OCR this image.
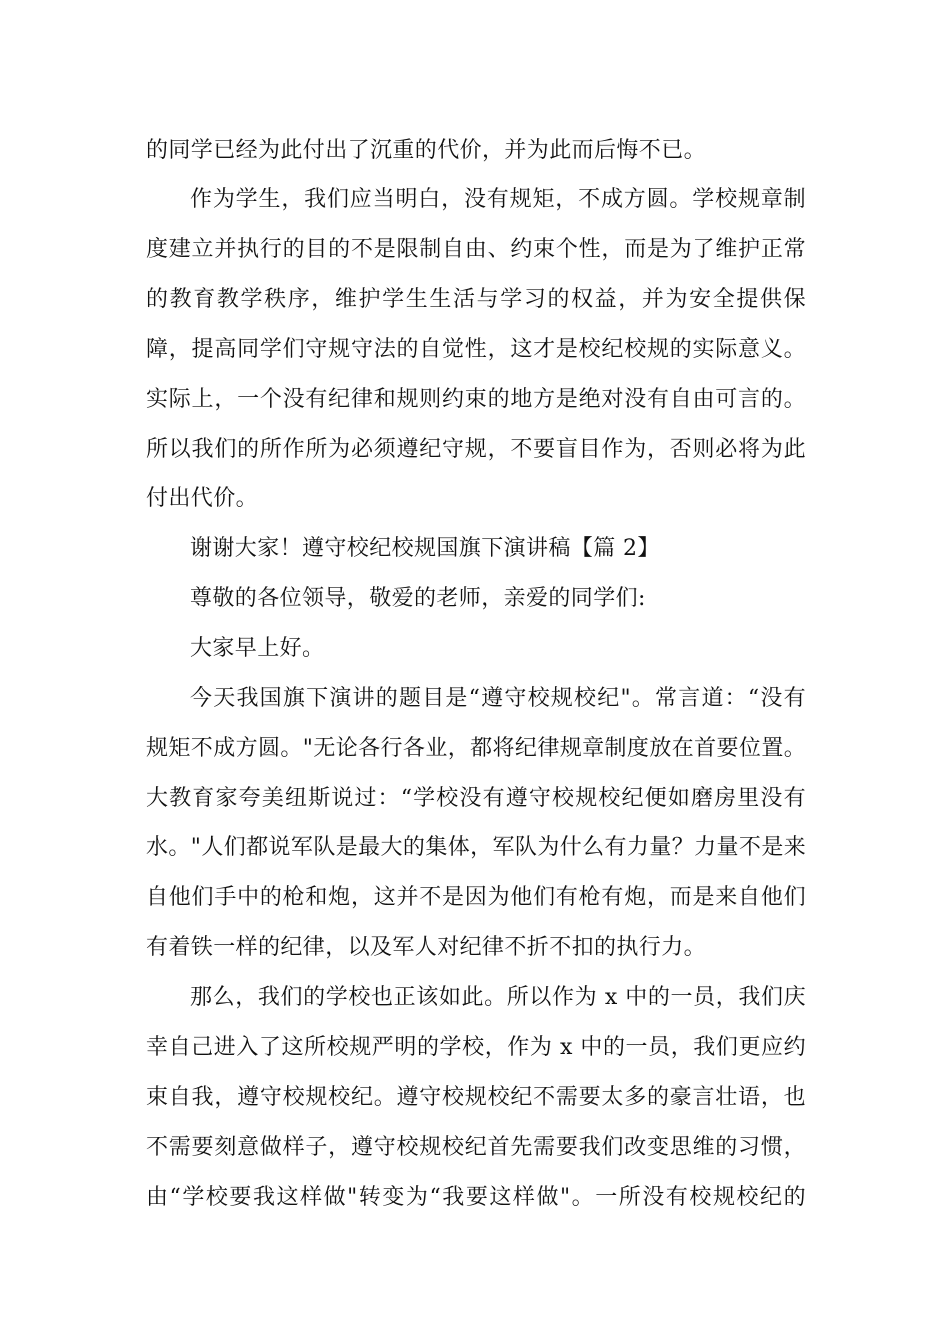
的同学已经为此付出了沉重的代价，并为此而后悔不已。
作为学生，我们应当明白，没有规矩，不成方圆。学校规章制
度建立并执行的目的不是限制自由、约束个性，而是为了维护正常
的教育教学秩序，维护学生生活与学习的权益，并为安全提供保
障，提高同学们守规守法的自觉性，这才是校纪校规的实际意义。
实际上，一个没有纪律和规则约束的地方是绝对没有自由可言的。
所以我们的所作所为必须遵纪守规，不要盲目作为，否则必将为此
付出代价。
谢谢大家！遵守校纪校规国旗下演讲稿【篇 2】
尊敬的各位领导，敬爱的老师，亲爱的同学们:
大家早上好。
今天我国旗下演讲的题目是“遵守校规校纪"。常言道：“没有
规矩不成方圆。"无论各行各业，都将纪律规章制度放在首要位置。
大教育家夸美纽斯说过：“学校没有遵守校规校纪便如磨房里没有
水。"人们都说军队是最大的集体，军队为什么有力量？力量不是来
自他们手中的枪和炮，这并不是因为他们有枪有炮，而是来自他们
有着铁一样的纪律，以及军人对纪律不折不扣的执行力。
那么，我们的学校也正该如此。所以作为 x 中的一员，我们庆
幸自己进入了这所校规严明的学校，作为 x 中的一员，我们更应约
束自我，遵守校规校纪。遵守校规校纪不需要太多的豪言壮语，也
不需要刻意做样子，遵守校规校纪首先需要我们改变思维的习惯，
由“学校要我这样做"转变为“我要这样做"。一所没有校规校纪的
